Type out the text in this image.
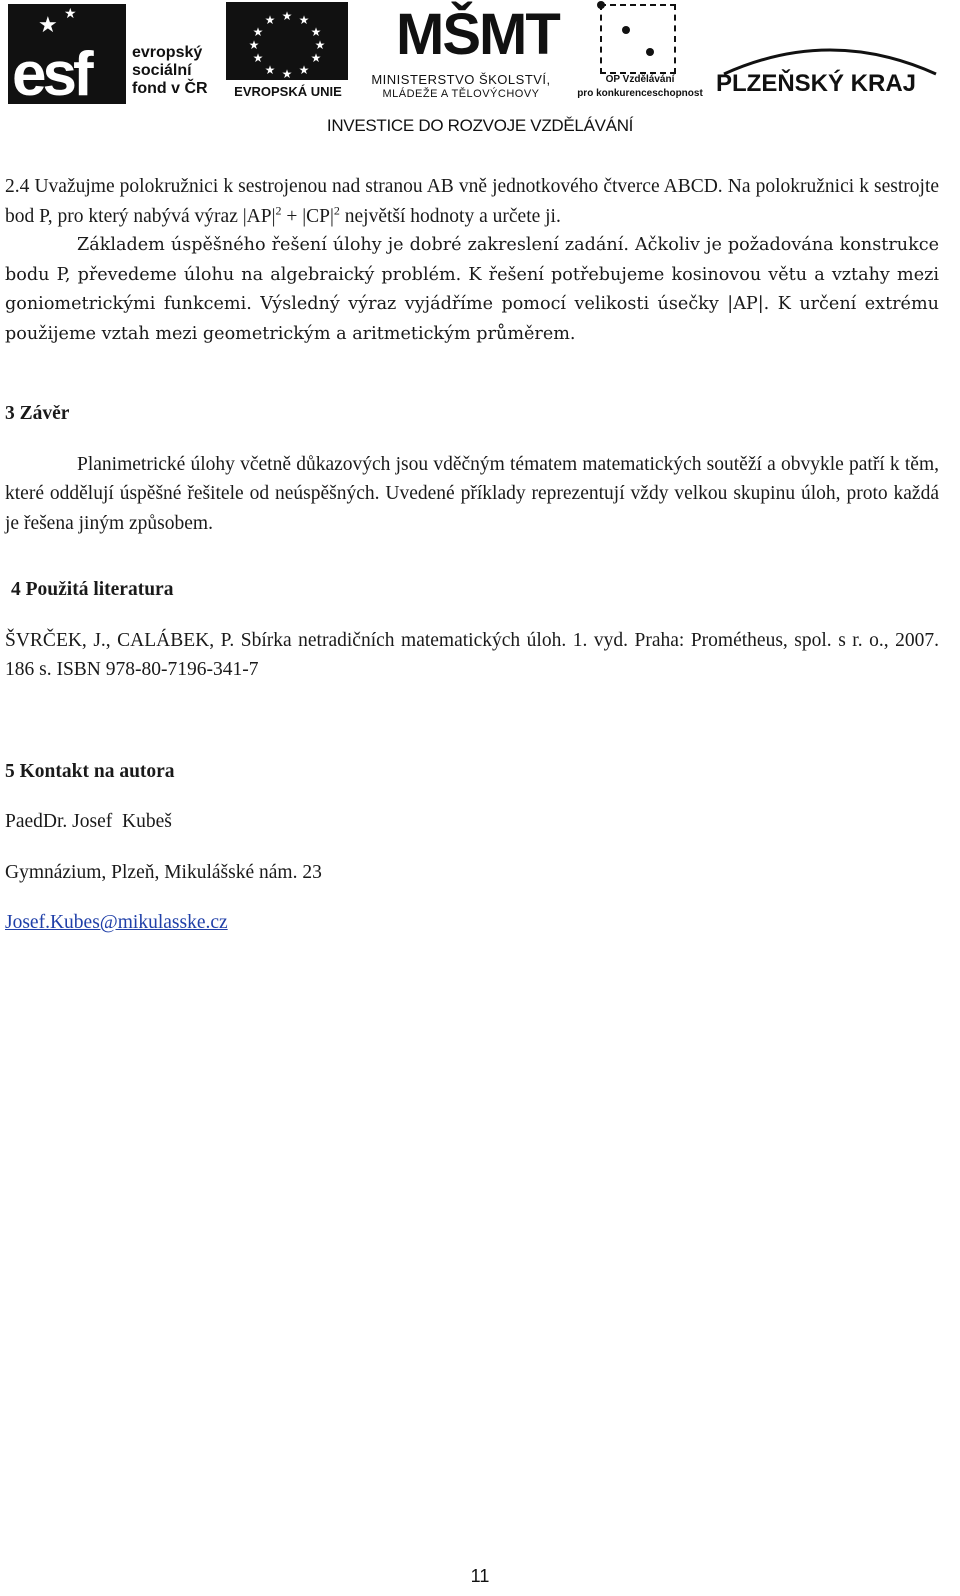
★ ★
esf	evropský
sociální
fond v ČR
★ ★
★
★
★
★
★
★
★
★
★
★
EVROPSKÁ UNIE
MŠMT
MINISTERSTVO ŠKOLSTVÍ,
MLÁDEŽE A TĚLOVÝCHOVY
OP Vzdělávání
pro konkurenceschopnost PLZEŇSKÝ KRAJ
INVESTICE DO ROZVOJE VZDĚLÁVÁNÍ

2.4 Uvažujme polokružnici k sestrojenou nad stranou AB vně jednotkového čtverce ABCD. Na polokružnici k sestrojte bod P, pro který nabývá výraz $|AP|^2 + |CP|^2$ největší hodnoty a určete ji.

Základem úspěšného řešení úlohy je dobré zakreslení zadání. Ačkoliv je požadována konstrukce bodu P, převedeme úlohu na algebraický problém. K řešení potřebujeme kosinovou větu a vztahy mezi goniometrickými funkcemi. Výsledný výraz vyjádříme pomocí velikosti úsečky |AP|. K určení extrému použijeme vztah mezi geometrickým a aritmetickým průměrem.

3 Závěr

Planimetrické úlohy včetně důkazových jsou vděčným tématem matematických soutěží a obvykle patří k těm, které oddělují úspěšné řešitele od neúspěšných. Uvedené příklady reprezentují vždy velkou skupinu úloh, proto každá je řešena jiným způsobem.

4 Použitá literatura

ŠVRČEK, J., CALÁBEK, P. Sbírka netradičních matematických úloh. 1. vyd. Praha: Prométheus, spol. s r. o., 2007. 186 s. ISBN 978-80-7196-341-7

5 Kontakt na autora

PaedDr. Josef  Kubeš

Gymnázium, Plzeň, Mikulášské nám. 23

Josef.Kubes@mikulasske.cz

11
